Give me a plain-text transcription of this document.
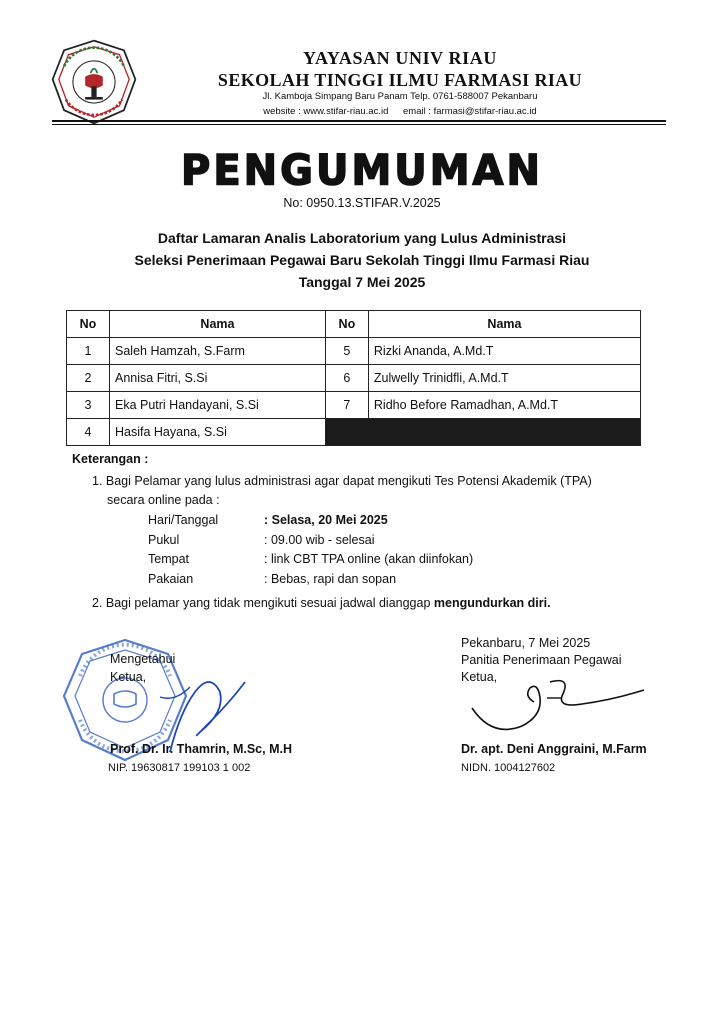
YAYASAN UNIV RIAU
SEKOLAH TINGGI ILMU FARMASI RIAU
Jl. Kamboja Simpang Baru Panam Telp. 0761-588007 Pekanbaru
website : www.stifar-riau.ac.id email : farmasi@stifar-riau.ac.id
PENGUMUMAN
No: 0950.13.STIFAR.V.2025
Daftar Lamaran Analis Laboratorium yang Lulus Administrasi
Seleksi Penerimaan Pegawai Baru Sekolah Tinggi Ilmu Farmasi Riau
Tanggal 7 Mei 2025
No	Nama	No	Nama
1	Saleh Hamzah, S.Farm	5	Rizki Ananda, A.Md.T
2	Annisa Fitri, S.Si	6	Zulwelly Trinidfli, A.Md.T
3	Eka Putri Handayani, S.Si	7	Ridho Before Ramadhan, A.Md.T
4	Hasifa Hayana, S.Si		
Keterangan :
1. Bagi Pelamar yang lulus administrasi agar dapat mengikuti Tes Potensi Akademik (TPA)
secara online pada :
Hari/Tanggal	: Selasa, 20 Mei 2025
Pukul	: 09.00 wib - selesai
Tempat	: link CBT TPA online (akan diinfokan)
Pakaian	: Bebas, rapi dan sopan
2. Bagi pelamar yang tidak mengikuti sesuai jadwal dianggap mengundurkan diri.
Mengetahui
Ketua,
Prof. Dr. Ir. Thamrin, M.Sc, M.H
NIP. 19630817 199103 1 002
Pekanbaru, 7 Mei 2025
Panitia Penerimaan Pegawai
Ketua,
Dr. apt. Deni Anggraini, M.Farm
NIDN. 1004127602
